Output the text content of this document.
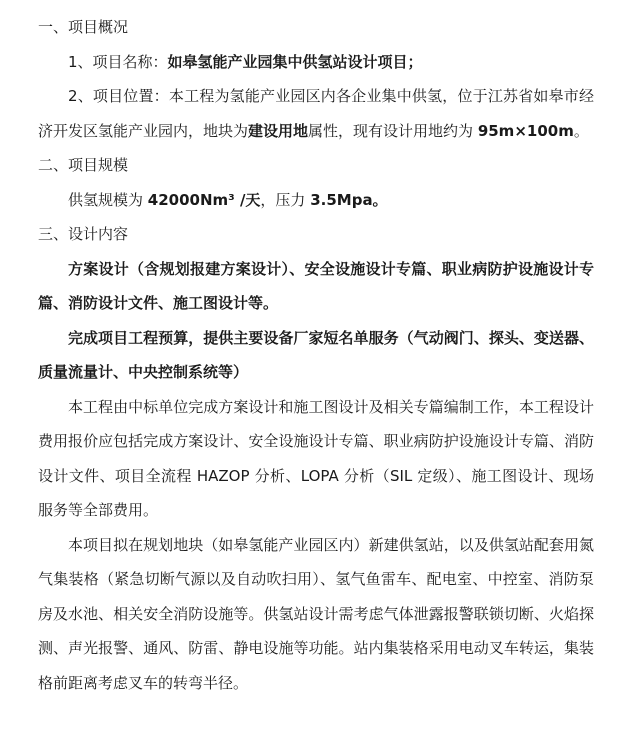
一、项目概况
1、项目名称：如皋氢能产业园集中供氢站设计项目；

2、项目位置：本工程为氢能产业园区内各企业集中供氢，位于江苏省如皋市经济开发区氢能产业园内，地块为建设用地属性，现有设计用地约为 95m×100m。

二、项目规模
供氢规模为 42000Nm³ /天，压力 3.5Mpa。
三、设计内容

方案设计（含规划报建方案设计）、安全设施设计专篇、职业病防护设施设计专篇、消防设计文件、施工图设计等。

完成项目工程预算，提供主要设备厂家短名单服务（气动阀门、探头、变送器、质量流量计、中央控制系统等）

本工程由中标单位完成方案设计和施工图设计及相关专篇编制工作，本工程设计费用报价应包括完成方案设计、安全设施设计专篇、职业病防护设施设计专篇、消防设计文件、项目全流程 HAZOP 分析、LOPA 分析（SIL 定级）、施工图设计、现场服务等全部费用。

本项目拟在规划地块（如皋氢能产业园区内）新建供氢站，以及供氢站配套用氮气集装格（紧急切断气源以及自动吹扫用）、氢气鱼雷车、配电室、中控室、消防泵房及水池、相关安全消防设施等。供氢站设计需考虑气体泄露报警联锁切断、火焰探测、声光报警、通风、防雷、静电设施等功能。站内集装格采用电动叉车转运，集装格前距离考虑叉车的转弯半径。
